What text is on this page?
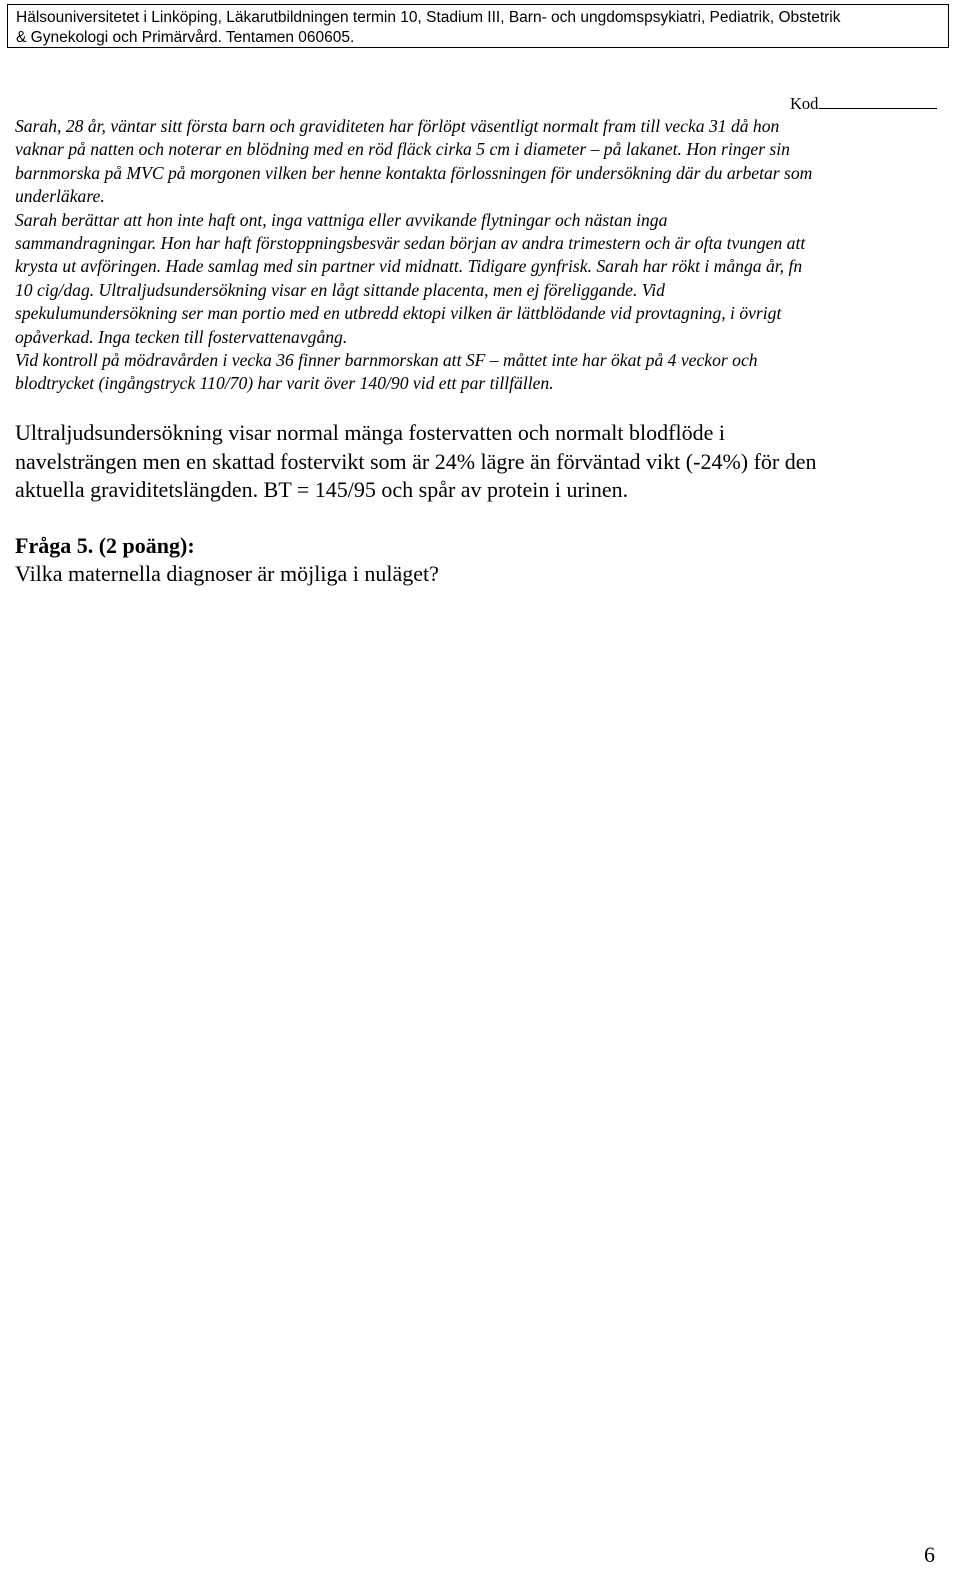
Hälsouniversitetet i Linköping, Läkarutbildningen termin 10, Stadium III, Barn- och ungdomspsykiatri, Pediatrik, Obstetrik
& Gynekologi och Primärvård. Tentamen 060605.
Kod
Sarah, 28 år, väntar sitt första barn och graviditeten har förlöpt väsentligt normalt fram till vecka 31 då hon
vaknar på natten och noterar en blödning med en röd fläck cirka 5 cm i diameter – på lakanet. Hon ringer sin
barnmorska på MVC på morgonen vilken ber henne kontakta förlossningen för undersökning där du arbetar som
underläkare.
Sarah berättar att hon inte haft ont, inga vattniga eller avvikande flytningar och nästan inga
sammandragningar. Hon har haft förstoppningsbesvär sedan början av andra trimestern och är ofta tvungen att
krysta ut avföringen. Hade samlag med sin partner vid midnatt. Tidigare gynfrisk. Sarah har rökt i många år, fn
10 cig/dag. Ultraljudsundersökning visar en lågt sittande placenta, men ej föreliggande. Vid
spekulumundersökning ser man portio med en utbredd ektopi vilken är lättblödande vid provtagning, i övrigt
opåverkad. Inga tecken till fostervattenavgång.
Vid kontroll på mödravården i vecka 36 finner barnmorskan att SF – måttet inte har ökat på 4 veckor och
blodtrycket (ingångstryck 110/70) har varit över 140/90 vid ett par tillfällen.
Ultraljudsundersökning visar normal mänga fostervatten och normalt blodflöde i
navelsträngen men en skattad fostervikt som är 24% lägre än förväntad vikt (-24%) för den
aktuella graviditetslängden. BT = 145/95 och spår av protein i urinen.
Fråga 5. (2 poäng):
Vilka maternella diagnoser är möjliga i nuläget?
6
